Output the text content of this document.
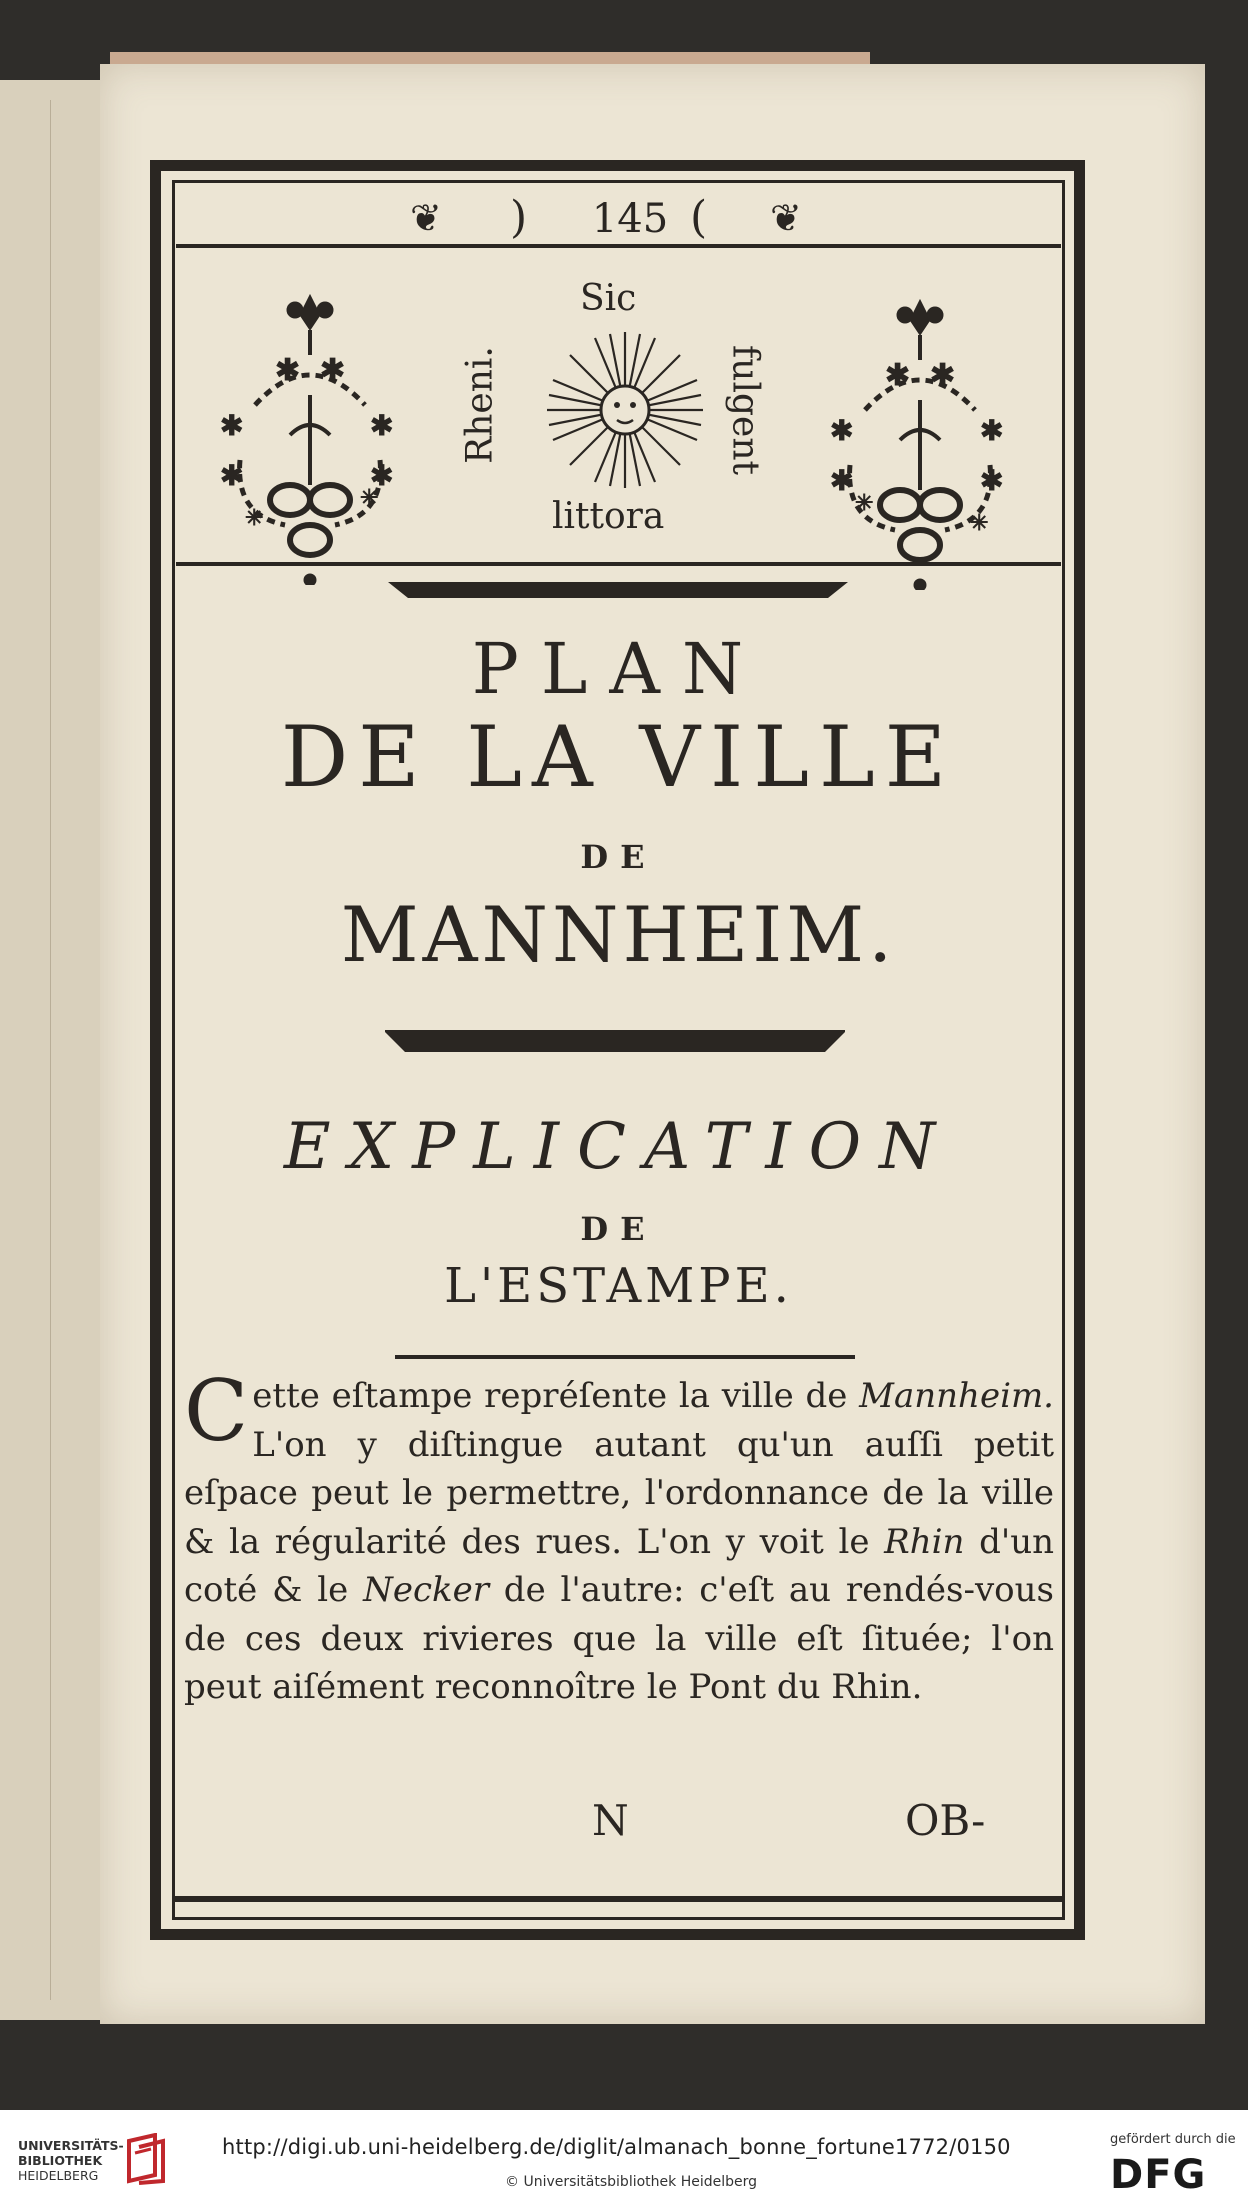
❦ )	145 ( ❦
Sic
Rheni.	fulgent
littora
✱ ✱
✱	✱
✱	✱
✳
✳
✱ ✱
✱	✱
✱	✱
✳
✳
PLAN
DE LA VILLE
DE
MANNHEIM.
EXPLICATION
DE
L'ESTAMPE.
Cette eſtampe repréſente la ville de Mannheim. L'on y diſtingue autant qu'un auſſi petit eſpace peut le permettre, l'ordonnance de la ville & la régularité des rues. L'on y voit le Rhin d'un coté & le Necker de l'autre: c'eſt au rendés-vous de ces deux rivieres que la ville eſt ſituée; l'on peut aiſément reconnoître le Pont du Rhin.
N	OB-
UNIVERSITÄTS-
BIBLIOTHEK
HEIDELBERG
http://digi.ub.uni-heidelberg.de/diglit/almanach_bonne_fortune1772/0150
© Universitätsbibliothek Heidelberg
gefördert durch die
DFG
